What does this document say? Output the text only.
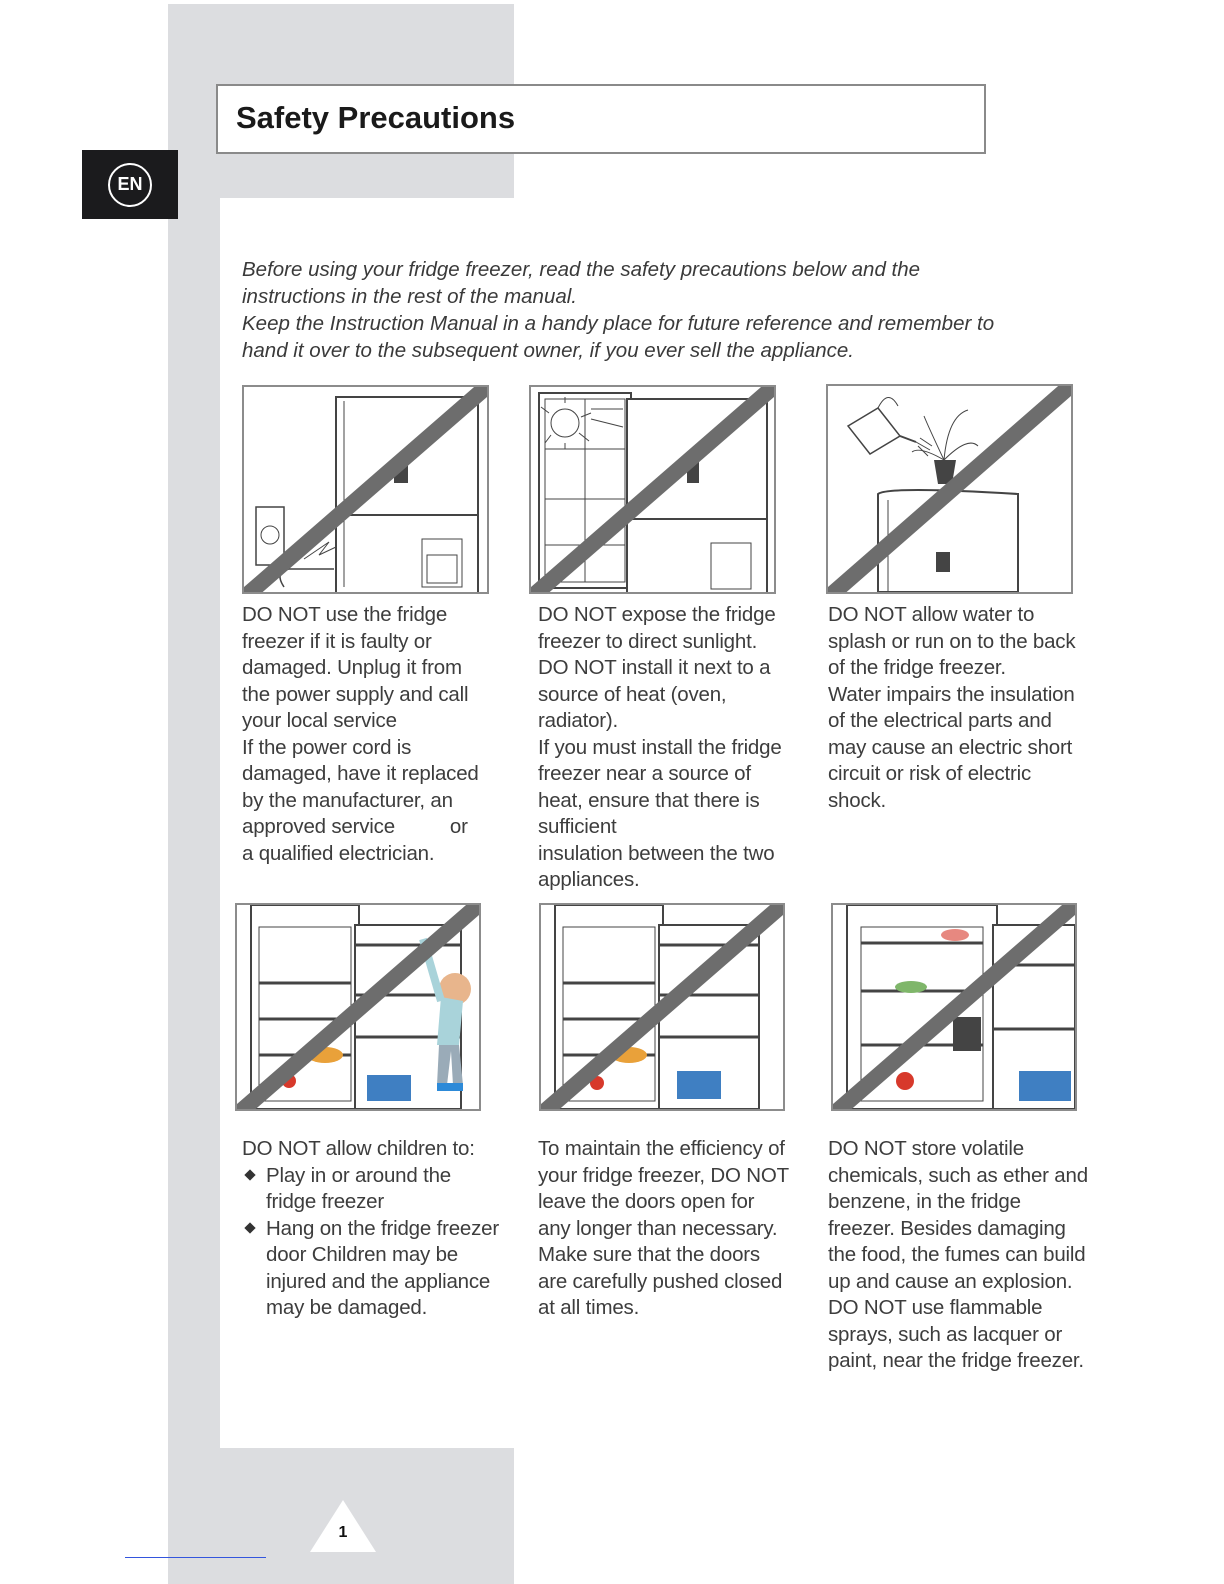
Safety Precautions
EN

Before using your fridge freezer, read the safety precautions below and the

instructions in the rest of the manual.

Keep the Instruction Manual in a handy place for future reference and remember to

hand it over to the subsequent owner, if you ever sell the appliance.

DO NOT use the fridge

freezer if it is faulty or

damaged. Unplug it from

the power supply and call

your local service

If the power cord is

damaged, have it replaced

by the manufacturer, an

approved service          or

a qualified electrician.

DO NOT expose the fridge

freezer to direct sunlight.

DO NOT install it next to a

source of heat (oven,

radiator).

If you must install the fridge

freezer near a source of

heat, ensure that there is

sufficient

insulation between the two

appliances.

DO NOT allow water to

splash or run on to the back

of the fridge freezer.

Water impairs the insulation

of the electrical parts and

may cause an electric short

circuit or risk of electric

shock.

DO NOT allow children to:

Play in or around the
fridge freezer
Hang on the fridge freezer
door Children may be
injured and the appliance
may be damaged.

To maintain the efficiency of

your fridge freezer, DO NOT

leave the doors open for

any longer than necessary.

Make sure that the doors

are carefully pushed closed

at all times.

DO NOT store volatile

chemicals, such as ether and

benzene, in the fridge

freezer. Besides damaging

the food, the fumes can build

up and cause an explosion.

DO NOT use flammable

sprays, such as lacquer or

paint, near the fridge freezer.

1
